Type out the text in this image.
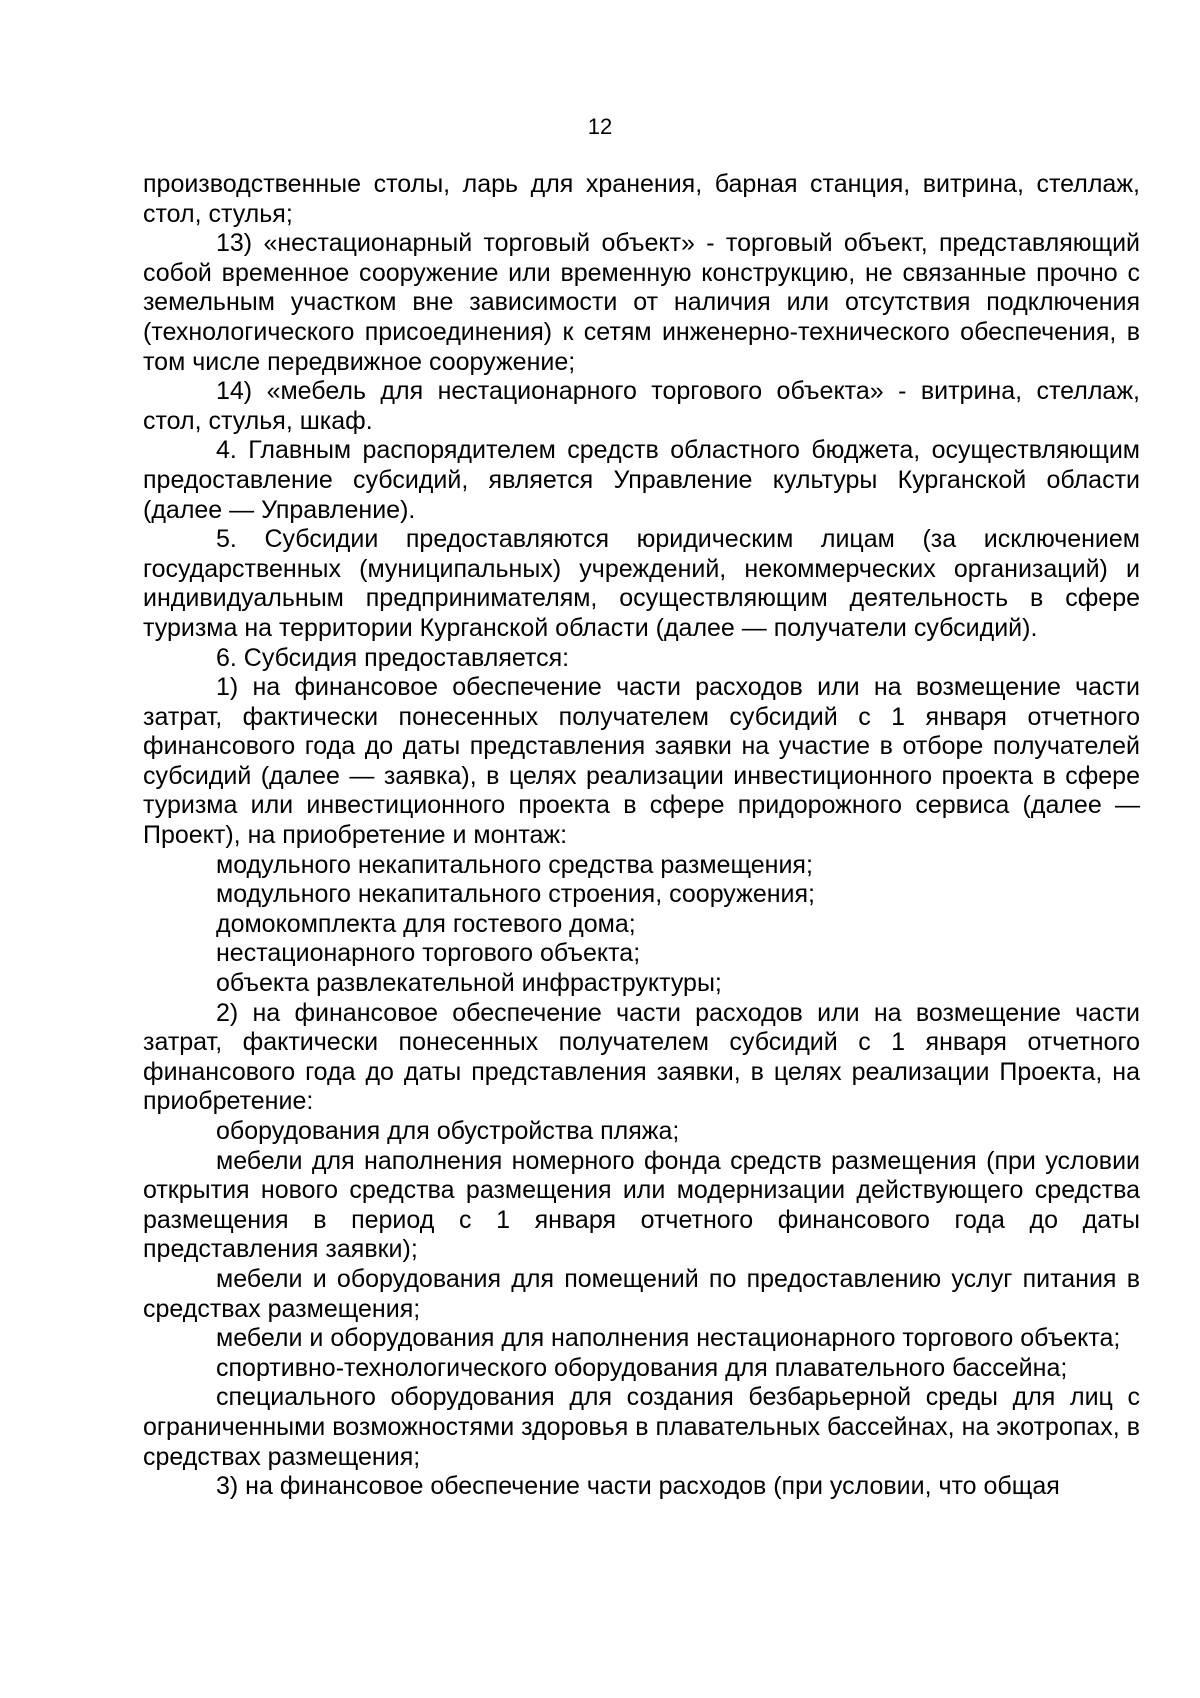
12

производственные столы, ларь для хранения, барная станция, витрина, стеллаж, стол, стулья;

13) «нестационарный торговый объект» - торговый объект, представляющий собой временное сооружение или временную конструкцию, не связанные прочно с земельным участком вне зависимости от наличия или отсутствия подключения (технологического присоединения) к сетям инженерно-технического обеспечения, в том числе передвижное сооружение;

14) «мебель для нестационарного торгового объекта» - витрина, стеллаж, стол, стулья, шкаф.

4. Главным распорядителем средств областного бюджета, осуществляющим предоставление субсидий, является Управление культуры Курганской области (далее — Управление).

5. Субсидии предоставляются юридическим лицам (за исключением государственных (муниципальных) учреждений, некоммерческих организаций) и индивидуальным предпринимателям, осуществляющим деятельность в сфере туризма на территории Курганской области (далее — получатели субсидий).

6. Субсидия предоставляется:

1) на финансовое обеспечение части расходов или на возмещение части затрат, фактически понесенных получателем субсидий с 1 января отчетного финансового года до даты представления заявки на участие в отборе получателей субсидий (далее — заявка), в целях реализации инвестиционного проекта в сфере туризма или инвестиционного проекта в сфере придорожного сервиса (далее — Проект), на приобретение и монтаж:

модульного некапитального средства размещения;

модульного некапитального строения, сооружения;

домокомплекта для гостевого дома;

нестационарного торгового объекта;

объекта развлекательной инфраструктуры;

2) на финансовое обеспечение части расходов или на возмещение части затрат, фактически понесенных получателем субсидий с 1 января отчетного финансового года до даты представления заявки, в целях реализации Проекта, на приобретение:

оборудования для обустройства пляжа;

мебели для наполнения номерного фонда средств размещения (при условии открытия нового средства размещения или модернизации действующего средства размещения в период с 1 января отчетного финансового года до даты представления заявки);

мебели и оборудования для помещений по предоставлению услуг питания в средствах размещения;

мебели и оборудования для наполнения нестационарного торгового объекта;

спортивно-технологического оборудования для плавательного бассейна;

специального оборудования для создания безбарьерной среды для лиц с ограниченными возможностями здоровья в плавательных бассейнах, на экотропах, в средствах размещения;

3) на финансовое обеспечение части расходов (при условии, что общая
